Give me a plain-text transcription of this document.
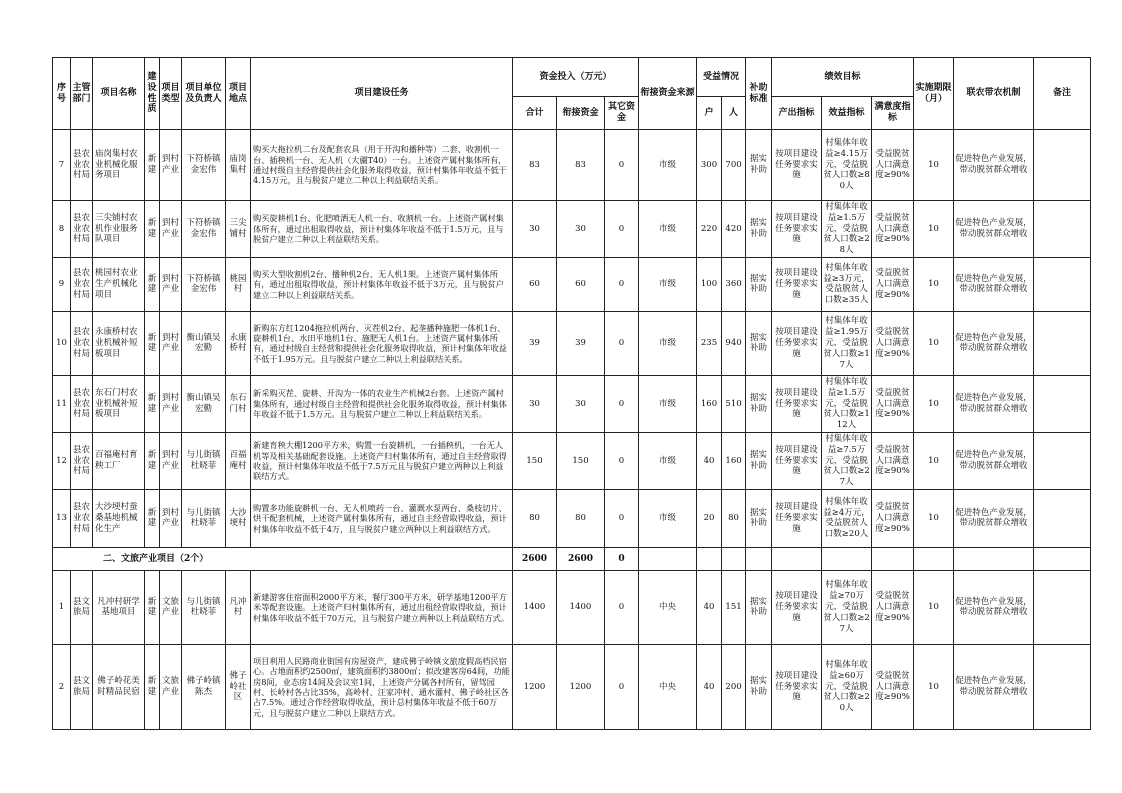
序号	主管部门	项目名称	建设性质	项目类型	项目单位及负责人	项目地点	项目建设任务	资金投入（万元）			衔接资金来源	受益情况		补助标准	绩效目标			实施期限（月）	联农带农机制	备注
								合计	衔接资金	其它资金		户	人		产出指标	效益指标	满意度指标			
7	县农业农村局	庙岗集村农业机械化服务项目	新建	到村产业	下符桥镇金宏伟	庙岗集村	购买大拖拉机二台及配套农具（用于开沟和播种等）二套、收割机一台、插秧机一台、无人机（大疆T40）一台。上述资产属村集体所有，通过村级自主经营提供社会化服务取得收益，预计村集体年收益不低于4.15万元，且与脱贫户建立二种以上利益联结关系。	83	83	0	市级	300	700	据实补助	按项目建设任务要求实施	村集体年收益≥4.15万元，受益脱贫人口数≥80人	受益脱贫人口满意度≥90%	10	促进特色产业发展，带动脱贫群众增收	
8	县农业农村局	三尖铺村农机作业服务队项目	新建	到村产业	下符桥镇金宏伟	三尖铺村	购买旋耕机1台、化肥喷洒无人机一台、收割机一台。上述资产属村集体所有，通过出租取得收益，预计村集体年收益不低于1.5万元，且与脱贫户建立二种以上利益联结关系。	30	30	0	市级	220	420	据实补助	按项目建设任务要求实施	村集体年收益≥1.5万元，受益脱贫人口数≥28人	受益脱贫人口满意度≥90%	10	促进特色产业发展，带动脱贫群众增收	
9	县农业农村局	桃园村农业生产机械化项目	新建	到村产业	下符桥镇金宏伟	桃园村	购买大型收割机2台、播种机2台、无人机1架。上述资产属村集体所有，通过出租取得收益，预计村集体年收益不低于3万元，且与脱贫户建立二种以上利益联结关系。	60	60	0	市级	100	360	据实补助	按项目建设任务要求实施	村集体年收益≥3万元，受益脱贫人口数≥35人	受益脱贫人口满意度≥90%	10	促进特色产业发展，带动脱贫群众增收	
10	县农业农村局	永康桥村农业机械补短板项目	新建	到村产业	衡山镇吴宏勤	永康桥村	新购东方红1204拖拉机两台、灭茬机2台、起垄播种施肥一体机1台、旋耕机1台、水田平地机1台、施肥无人机1台。上述资产属村集体所有，通过村级自主经营和提供社会化服务取得收益，预计村集体年收益不低于1.95万元。且与脱贫户建立二种以上利益联结关系。	39	39	0	市级	235	940	据实补助	按项目建设任务要求实施	村集体年收益≥1.95万元，受益脱贫人口数≥17人	受益脱贫人口满意度≥90%	10	促进特色产业发展，带动脱贫群众增收	
11	县农业农村局	东石门村农业机械补短板项目	新建	到村产业	衡山镇吴宏勤	东石门村	新采购灭茬、旋耕、开沟为一体的农业生产机械2台套。上述资产属村集体所有，通过村级自主经营和提供社会化服务取得收益，预计村集体年收益不低于1.5万元。且与脱贫户建立二种以上利益联结关系。	30	30	0	市级	160	510	据实补助	按项目建设任务要求实施	村集体年收益≥1.5万元，受益脱贫人口数≥112人	受益脱贫人口满意度≥90%	10	促进特色产业发展，带动脱贫群众增收	
12	县农业农村局	百福庵村育秧工厂	新建	到村产业	与儿街镇杜晓菲	百福庵村	新建育秧大棚1200平方米，购置一台旋耕机，一台插秧机，一台无人机等及相关基础配套设施。上述资产归村集体所有，通过自主经营取得收益，预计村集体年收益不低于7.5万元且与脱贫户建立两种以上利益联结方式。	150	150	0	市级	40	160	据实补助	按项目建设任务要求实施	村集体年收益≥7.5万元，受益脱贫人口数≥27人	受益脱贫人口满意度≥90%	10	促进特色产业发展，带动脱贫群众增收	
13	县农业农村局	大沙埂村蚕桑基地机械化生产	新建	到村产业	与儿街镇杜晓菲	大沙埂村	购置多功能旋耕机一台、无人机喷药一台、灌溉水泵两台、桑枝切片、烘干配套机械，上述资产属村集体所有，通过自主经营取得收益，预计村集体年收益不低于4万，且与脱贫户建立两种以上利益联结方式。	80	80	0	市级	20	80	据实补助	按项目建设任务要求实施	村集体年收益≥4万元，受益脱贫人口数≥20人	受益脱贫人口满意度≥90%	10	促进特色产业发展，带动脱贫群众增收	
二、文旅产业项目（2个）								2600	2600	0										
1	县文旅局	凡冲村研学基地项目	新建	文旅产业	与儿街镇杜晓菲	凡冲村	新建游客住宿面积2000平方米，餐厅300平方米，研学基地1200平方米等配套设施。上述资产归村集体所有，通过出租经营取得收益，预计村集体年收益不低于70万元，且与脱贫户建立两种以上利益联结方式。	1400	1400	0	中央	40	151	据实补助	按项目建设任务要求实施	村集体年收益≥70万元，受益脱贫人口数≥27人	受益脱贫人口满意度≥90%	10	促进特色产业发展，带动脱贫群众增收	
2	县文旅局	佛子岭花美时精品民宿	新建	文旅产业	佛子岭镇陈杰	佛子岭社区	项目利用人民路商业街国有房屋资产，建成佛子岭镇文旅度假高档民宿心。占地面积约2500㎡，建筑面积约3800㎡；拟改建客房64间，功能房8间，业态房14间及会议室1间，上述资产分属各村所有，留驾园村、长岭村各占比35%，高岭村、汪家冲村、通水灌村、佛子岭社区各占7.5%。通过合作经营取得收益，预计总村集体年收益不低于60万元，且与脱贫户建立二种以上联结方式。	1200	1200	0	中央	40	200	据实补助	按项目建设任务要求实施	村集体年收益≥60万元，受益脱贫人口数≥20人	受益脱贫人口满意度≥90%	10	促进特色产业发展，带动脱贫群众增收	
